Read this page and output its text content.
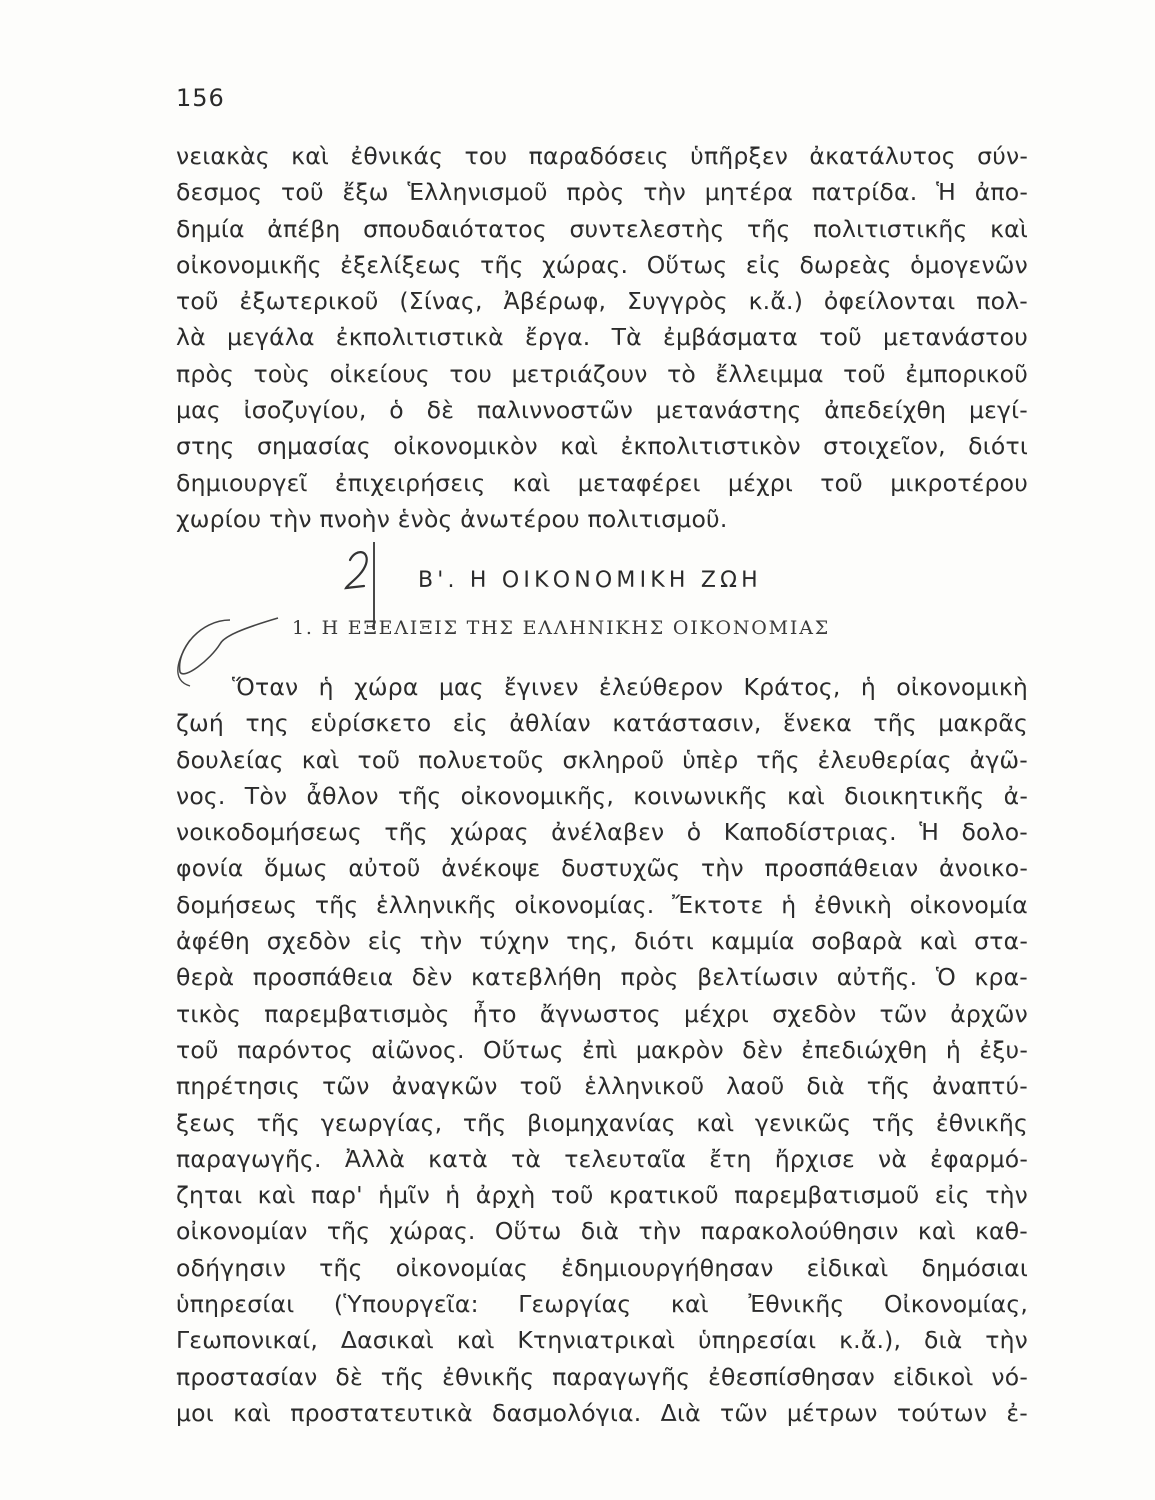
156
νειακὰς καὶ ἐθνικάς του παραδόσεις ὑπῆρξεν ἀκατάλυτος σύν-
δεσμος τοῦ ἔξω Ἑλληνισμοῦ πρὸς τὴν μητέρα πατρίδα. Ἡ ἀπο-
δημία ἀπέβη σπουδαιότατος συντελεστὴς τῆς πολιτιστικῆς καὶ
οἰκονομικῆς ἐξελίξεως τῆς χώρας. Οὕτως εἰς δωρεὰς ὁμογενῶν
τοῦ ἐξωτερικοῦ (Σίνας, Ἀβέρωφ, Συγγρὸς κ.ἄ.) ὀφείλονται πολ-
λὰ μεγάλα ἐκπολιτιστικὰ ἔργα. Τὰ ἐμβάσματα τοῦ μετανάστου
πρὸς τοὺς οἰκείους του μετριάζουν τὸ ἔλλειμμα τοῦ ἐμπορικοῦ
μας ἰσοζυγίου, ὁ δὲ παλιννοστῶν μετανάστης ἀπεδείχθη μεγί-
στης σημασίας οἰκονομικὸν καὶ ἐκπολιτιστικὸν στοιχεῖον, διότι
δημιουργεῖ ἐπιχειρήσεις καὶ μεταφέρει μέχρι τοῦ μικροτέρου
χωρίου τὴν πνοὴν ἑνὸς ἀνωτέρου πολιτισμοῦ.
Β'. Η ΟΙΚΟΝΟΜΙΚΗ ΖΩΗ
1. Η ΕΞΕΛΙΞΙΣ ΤΗΣ ΕΛΛΗΝΙΚΗΣ ΟΙΚΟΝΟΜΙΑΣ
Ὅταν ἡ χώρα μας ἔγινεν ἐλεύθερον Κράτος, ἡ οἰκονομικὴ
ζωή της εὑρίσκετο εἰς ἀθλίαν κατάστασιν, ἕνεκα τῆς μακρᾶς
δουλείας καὶ τοῦ πολυετοῦς σκληροῦ ὑπὲρ τῆς ἐλευθερίας ἀγῶ-
νος. Τὸν ἆθλον τῆς οἰκονομικῆς, κοινωνικῆς καὶ διοικητικῆς ἀ-
νοικοδομήσεως τῆς χώρας ἀνέλαβεν ὁ Καποδίστριας. Ἡ δολο-
φονία ὅμως αὐτοῦ ἀνέκοψε δυστυχῶς τὴν προσπάθειαν ἀνοικο-
δομήσεως τῆς ἑλληνικῆς οἰκονομίας. Ἔκτοτε ἡ ἐθνικὴ οἰκονομία
ἀφέθη σχεδὸν εἰς τὴν τύχην της, διότι καμμία σοβαρὰ καὶ στα-
θερὰ προσπάθεια δὲν κατεβλήθη πρὸς βελτίωσιν αὐτῆς. Ὁ κρα-
τικὸς παρεμβατισμὸς ἦτο ἄγνωστος μέχρι σχεδὸν τῶν ἀρχῶν
τοῦ παρόντος αἰῶνος. Οὕτως ἐπὶ μακρὸν δὲν ἐπεδιώχθη ἡ ἐξυ-
πηρέτησις τῶν ἀναγκῶν τοῦ ἑλληνικοῦ λαοῦ διὰ τῆς ἀναπτύ-
ξεως τῆς γεωργίας, τῆς βιομηχανίας καὶ γενικῶς τῆς ἐθνικῆς
παραγωγῆς. Ἀλλὰ κατὰ τὰ τελευταῖα ἔτη ἤρχισε νὰ ἐφαρμό-
ζηται καὶ παρ' ἡμῖν ἡ ἀρχὴ τοῦ κρατικοῦ παρεμβατισμοῦ εἰς τὴν
οἰκονομίαν τῆς χώρας. Οὕτω διὰ τὴν παρακολούθησιν καὶ καθ-
οδήγησιν τῆς οἰκονομίας ἐδημιουργήθησαν εἰδικαὶ δημόσιαι
ὑπηρεσίαι (Ὑπουργεῖα: Γεωργίας καὶ Ἐθνικῆς Οἰκονομίας,
Γεωπονικαί, Δασικαὶ καὶ Κτηνιατρικαὶ ὑπηρεσίαι κ.ἄ.), διὰ τὴν
προστασίαν δὲ τῆς ἐθνικῆς παραγωγῆς ἐθεσπίσθησαν εἰδικοὶ νό-
μοι καὶ προστατευτικὰ δασμολόγια. Διὰ τῶν μέτρων τούτων ἐ-
